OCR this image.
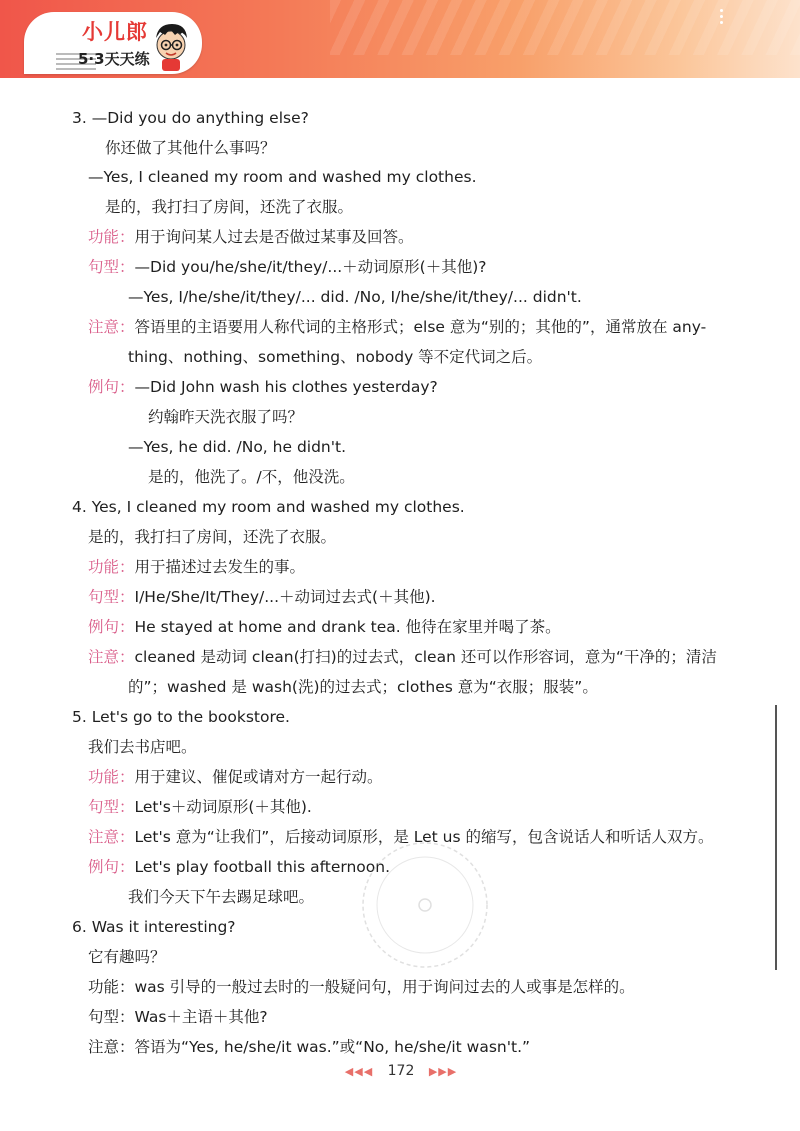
小儿郎
5·3天天练
3. —Did you do anything else?
你还做了其他什么事吗？
—Yes, I cleaned my room and washed my clothes.
是的，我打扫了房间，还洗了衣服。
功能：用于询问某人过去是否做过某事及回答。
句型：—Did you/he/she/it/they/...＋动词原形(＋其他)?
—Yes, I/he/she/it/they/... did. /No, I/he/she/it/they/... didn't.
注意：答语里的主语要用人称代词的主格形式；else 意为“别的；其他的”，通常放在 any-
thing、nothing、something、nobody 等不定代词之后。
例句：—Did John wash his clothes yesterday?
约翰昨天洗衣服了吗？
—Yes, he did. /No, he didn't.
是的，他洗了。/不，他没洗。
4. Yes, I cleaned my room and washed my clothes.
是的，我打扫了房间，还洗了衣服。
功能：用于描述过去发生的事。
句型：I/He/She/It/They/...＋动词过去式(＋其他).
例句：He stayed at home and drank tea. 他待在家里并喝了茶。
注意：cleaned 是动词 clean(打扫)的过去式，clean 还可以作形容词，意为“干净的；清洁
的”；washed 是 wash(洗)的过去式；clothes 意为“衣服；服装”。
5. Let's go to the bookstore.
我们去书店吧。
功能：用于建议、催促或请对方一起行动。
句型：Let's＋动词原形(＋其他).
注意：Let's 意为“让我们”，后接动词原形，是 Let us 的缩写，包含说话人和听话人双方。
例句：Let's play football this afternoon.
我们今天下午去踢足球吧。
6. Was it interesting?
它有趣吗？
功能：was 引导的一般过去时的一般疑问句，用于询问过去的人或事是怎样的。
句型：Was＋主语＋其他?
注意：答语为“Yes, he/she/it was.”或“No, he/she/it wasn't.”
◀◀◀ 172 ▶▶▶
